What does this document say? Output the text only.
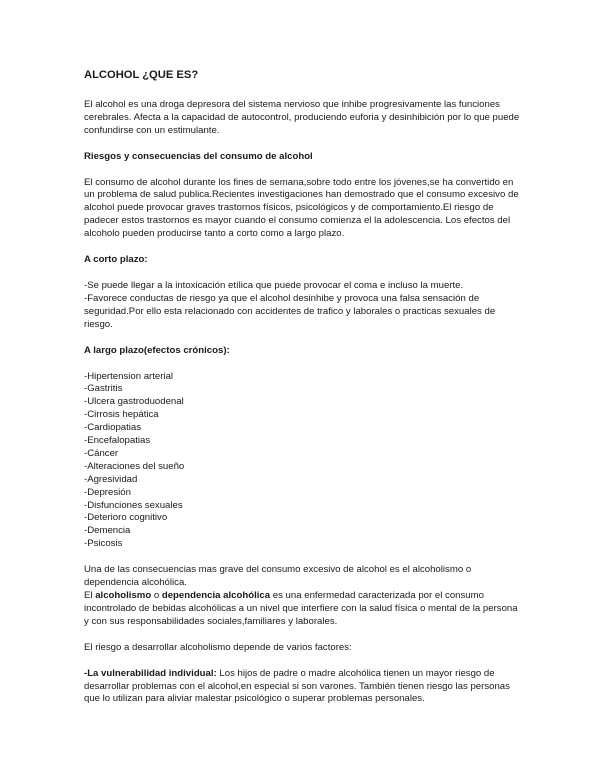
ALCOHOL ¿QUE ES?

El alcohol es una droga depresora del sistema nervioso que inhibe progresivamente las funciones cerebrales. Afecta a la capacidad de autocontrol, produciendo euforia y desinhibición por lo que puede confundirse con un estimulante.

Riesgos y consecuencias del consumo de alcohol

El consumo de alcohol durante los fines de semana,sobre todo entre los jóvenes,se ha convertido en un problema de salud publica.Recientes investigaciones han demostrado que el consumo excesivo de alcohol puede provocar graves trastornos físicos, psicológicos y de comportamiento.El riesgo de padecer estos trastornos es mayor cuando el consumo comienza el la adolescencia. Los efectos del alcoholo pueden producirse tanto a corto como a largo plazo.

A corto plazo:

-Se puede llegar a la intoxicación etílica que puede provocar el coma e incluso la muerte.
-Favorece conductas de riesgo ya que el alcohol desinhibe y provoca una falsa sensación de seguridad.Por ello esta relacionado con accidentes de trafico y laborales o practicas sexuales de riesgo.

A largo plazo(efectos crónicos):

-Hipertension arterial
-Gastritis
-Ulcera gastroduodenal
-Cirrosis hepática
-Cardiopatias
-Encefalopatias
-Cáncer
-Alteraciones del sueño
-Agresividad
-Depresión
-Disfunciones sexuales
-Deterioro cognitivo
-Demencia
-Psicosis

Una de las consecuencias mas grave del consumo excesivo de alcohol es el alcoholismo o dependencia alcohólica.

El alcoholismo o dependencia alcohólica es una enfermedad caracterizada por el consumo incontrolado de bebidas alcohólicas a un nivel que interfiere con la salud física o mental de la persona y con sus responsabilidades sociales,familiares y laborales.

El riesgo a desarrollar alcoholismo depende de varios factores:

-La vulnerabilidad individual: Los hijos de padre o madre alcohólica tienen un mayor riesgo de desarrollar problemas con el alcohol,en especial si son varones. También tienen riesgo las personas que lo utilizan para aliviar malestar psicológico o superar problemas personales.
